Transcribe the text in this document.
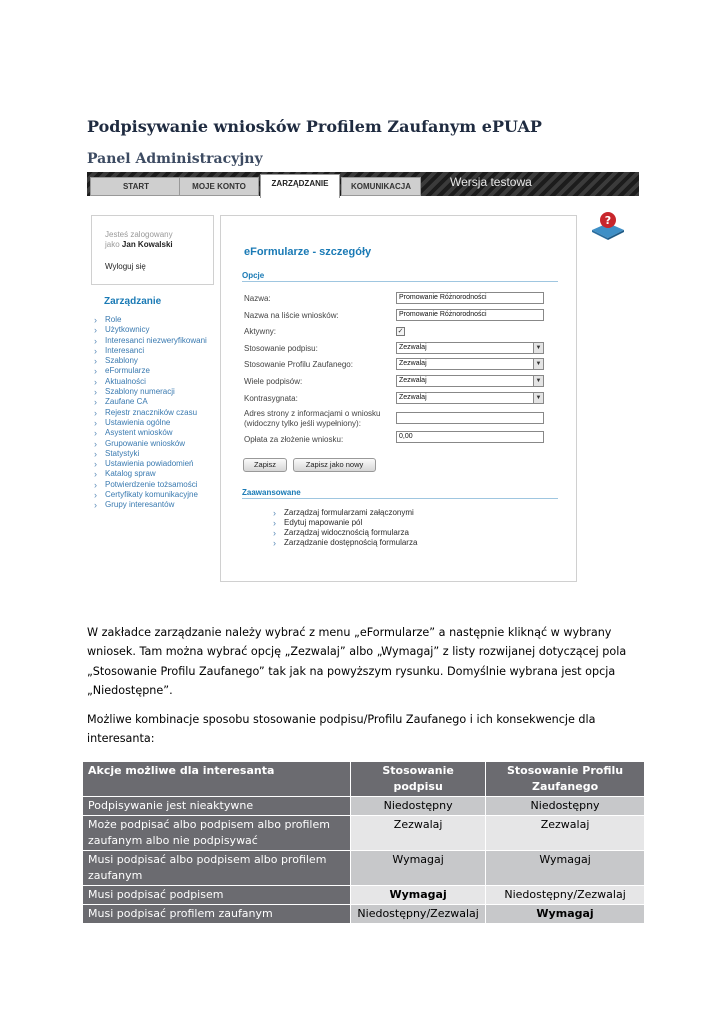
Podpisywanie wniosków Profilem Zaufanym ePUAP
Panel Administracyjny
START	MOJE KONTO	ZARZĄDZANIE	KOMUNIKACJA	Wersja testowa
?
Jesteś zalogowany
jako Jan Kowalski
Wyloguj się
Zarządzanie
› Role
› Użytkownicy
› Interesanci niezweryfikowani
› Interesanci
› Szablony
› eFormularze
› Aktualności
› Szablony numeracji
› Zaufane CA
› Rejestr znaczników czasu
› Ustawienia ogólne
› Asystent wniosków
› Grupowanie wniosków
› Statystyki
› Ustawienia powiadomień
› Katalog spraw
› Potwierdzenie tożsamości
› Certyfikaty komunikacyjne
› Grupy interesantów
eFormularze - szczegóły
Opcje
Nazwa:	Promowanie Różnorodności
Nazwa na liście wniosków:	Promowanie Różnorodności
Aktywny:	✓
Stosowanie podpisu:	Zezwalaj	▼
Stosowanie Profilu Zaufanego:	Zezwalaj	▼
Wiele podpisów:	Zezwalaj	▼
Kontrasygnata:	Zezwalaj	▼
Adres strony z informacjami o wniosku
(widoczny tylko jeśli wypełniony):
Opłata za złożenie wniosku:	0,00
Zapisz	Zapisz jako nowy
Zaawansowane
› Zarządzaj formularzami załączonymi
› Edytuj mapowanie pól
› Zarządzaj widocznością formularza
› Zarządzanie dostępnością formularza
W zakładce zarządzanie należy wybrać z menu „eFormularze” a następnie kliknąć w wybrany wniosek. Tam można wybrać opcję „Zezwalaj” albo „Wymagaj” z listy rozwijanej dotyczącej pola „Stosowanie Profilu Zaufanego” tak jak na powyższym rysunku. Domyślnie wybrana jest opcja „Niedostępne”.
Możliwe kombinacje sposobu stosowanie podpisu/Profilu Zaufanego i ich konsekwencje dla interesanta:
Akcje możliwe dla interesanta	Stosowanie podpisu	Stosowanie Profilu Zaufanego
Podpisywanie jest nieaktywne	Niedostępny	Niedostępny
Może podpisać albo podpisem albo profilem zaufanym albo nie podpisywać	Zezwalaj	Zezwalaj
Musi podpisać albo podpisem albo profilem zaufanym	Wymagaj	Wymagaj
Musi podpisać podpisem	Wymagaj	Niedostępny/Zezwalaj
Musi podpisać profilem zaufanym	Niedostępny/Zezwalaj	Wymagaj
